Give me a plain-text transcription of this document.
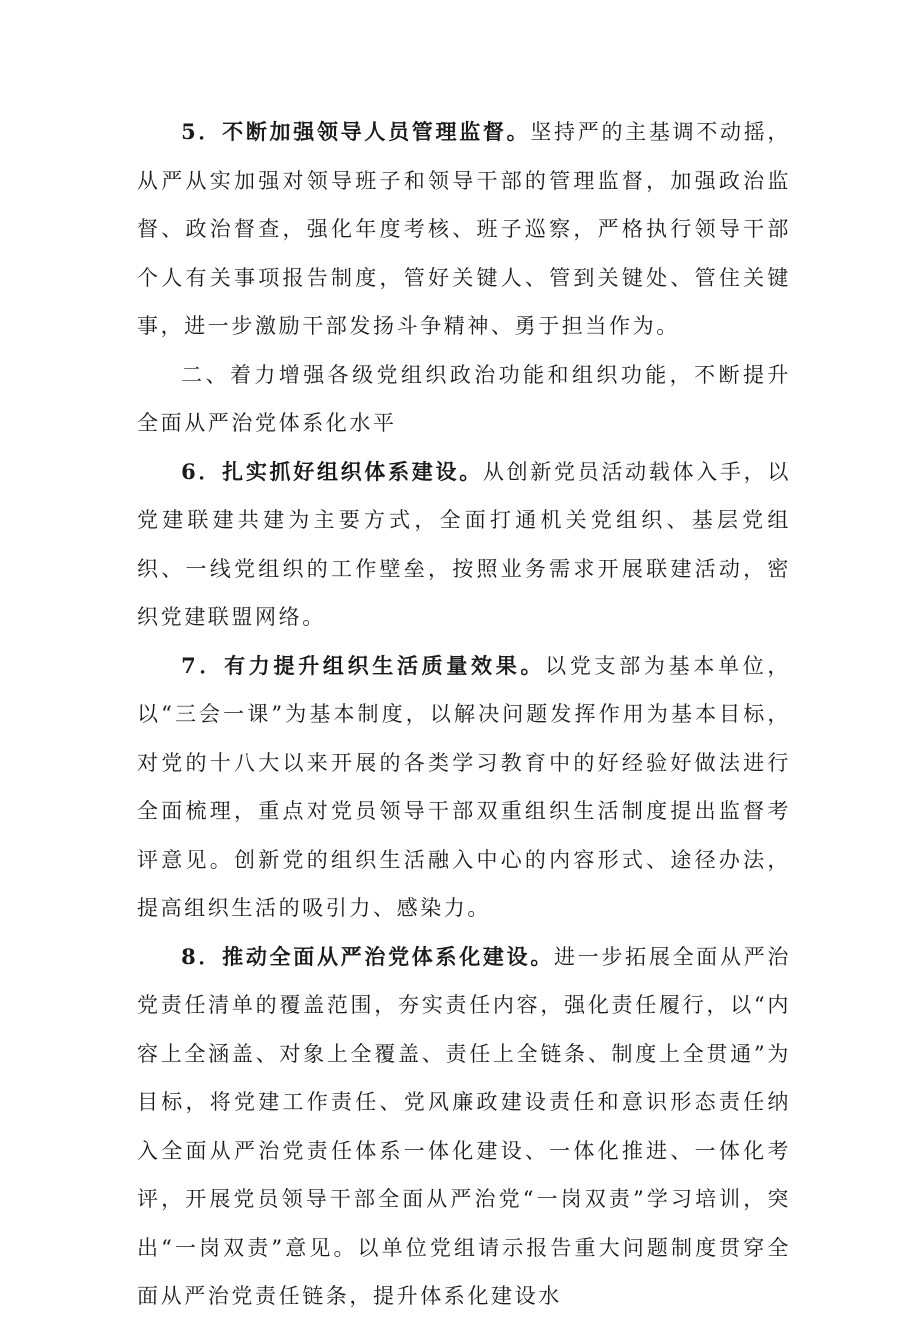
5．不断加强领导人员管理监督。坚持严的主基调不动摇，从严从实加强对领导班子和领导干部的管理监督，加强政治监督、政治督查，强化年度考核、班子巡察，严格执行领导干部个人有关事项报告制度，管好关键人、管到关键处、管住关键事，进一步激励干部发扬斗争精神、勇于担当作为。

二、着力增强各级党组织政治功能和组织功能，不断提升全面从严治党体系化水平

6．扎实抓好组织体系建设。从创新党员活动载体入手，以党建联建共建为主要方式，全面打通机关党组织、基层党组织、一线党组织的工作壁垒，按照业务需求开展联建活动，密织党建联盟网络。

7．有力提升组织生活质量效果。以党支部为基本单位，以“三会一课”为基本制度，以解决问题发挥作用为基本目标，对党的十八大以来开展的各类学习教育中的好经验好做法进行全面梳理，重点对党员领导干部双重组织生活制度提出监督考评意见。创新党的组织生活融入中心的内容形式、途径办法，提高组织生活的吸引力、感染力。

8．推动全面从严治党体系化建设。进一步拓展全面从严治党责任清单的覆盖范围，夯实责任内容，强化责任履行，以“内容上全涵盖、对象上全覆盖、责任上全链条、制度上全贯通”为目标，将党建工作责任、党风廉政建设责任和意识形态责任纳入全面从严治党责任体系一体化建设、一体化推进、一体化考评，开展党员领导干部全面从严治党“一岗双责”学习培训，突出“一岗双责”意见。以单位党组请示报告重大问题制度贯穿全面从严治党责任链条，提升体系化建设水
